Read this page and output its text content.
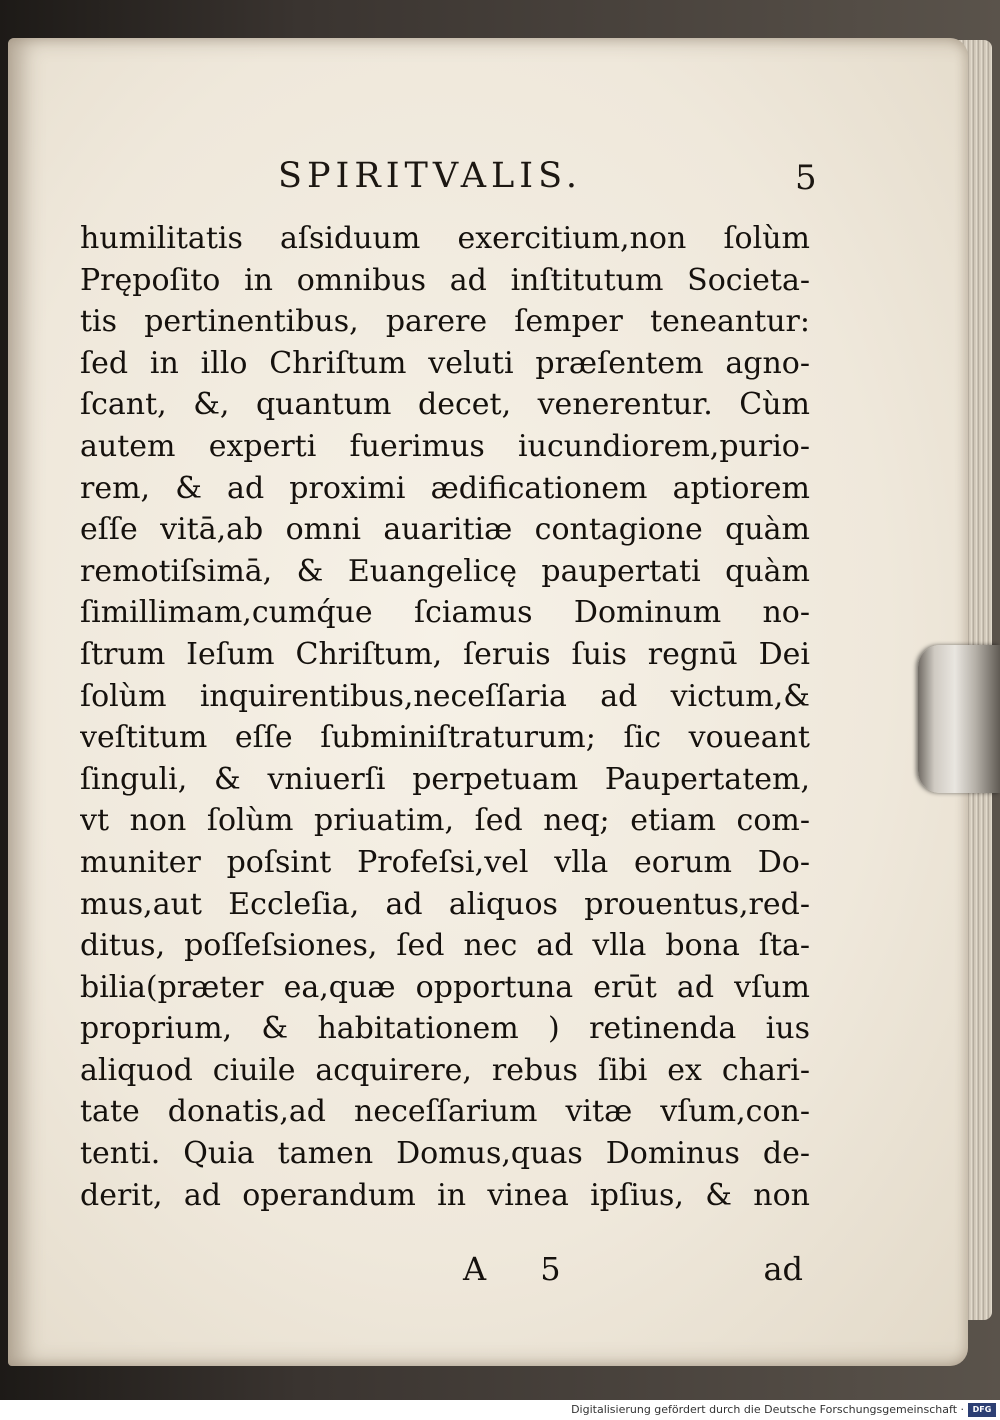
SPIRITVALIS.	5
humilitatis aſsiduum exercitium,non ſolùm
Prępoſito in omnibus ad inſtitutum Societa-
tis pertinentibus, parere ſemper teneantur:
ſed in illo Chriſtum veluti præſentem agno-
ſcant, &, quantum decet, venerentur. Cùm
autem experti fuerimus iucundiorem,purio-
rem, & ad proximi ædificationem aptiorem
eſſe vitā,ab omni auaritiæ contagione quàm
remotiſsimā, & Euangelicę paupertati quàm
ſimillimam,cumq́ue ſciamus Dominum no-
ſtrum Ieſum Chriſtum, ſeruis ſuis regnū Dei
ſolùm inquirentibus,neceſſaria ad victum,&
veſtitum eſſe ſubminiſtraturum; ſic voueant
ſinguli, & vniuerſi perpetuam Paupertatem,
vt non ſolùm priuatim, ſed neq; etiam com-
muniter poſsint Profeſsi,vel vlla eorum Do-
mus,aut Eccleſia, ad aliquos prouentus,red-
ditus, poſſeſsiones, ſed nec ad vlla bona ſta-
bilia(præter ea,quæ opportuna erūt ad vſum
proprium, & habitationem ) retinenda ius
aliquod ciuile acquirere, rebus ſibi ex chari-
tate donatis,ad neceſſarium vitæ vſum,con-
tenti. Quia tamen Domus,quas Dominus de-
derit, ad operandum in vinea ipſius, & non
A 5	ad
Digitalisierung gefördert durch die Deutsche Forschungsgemeinschaft ·	DFG
